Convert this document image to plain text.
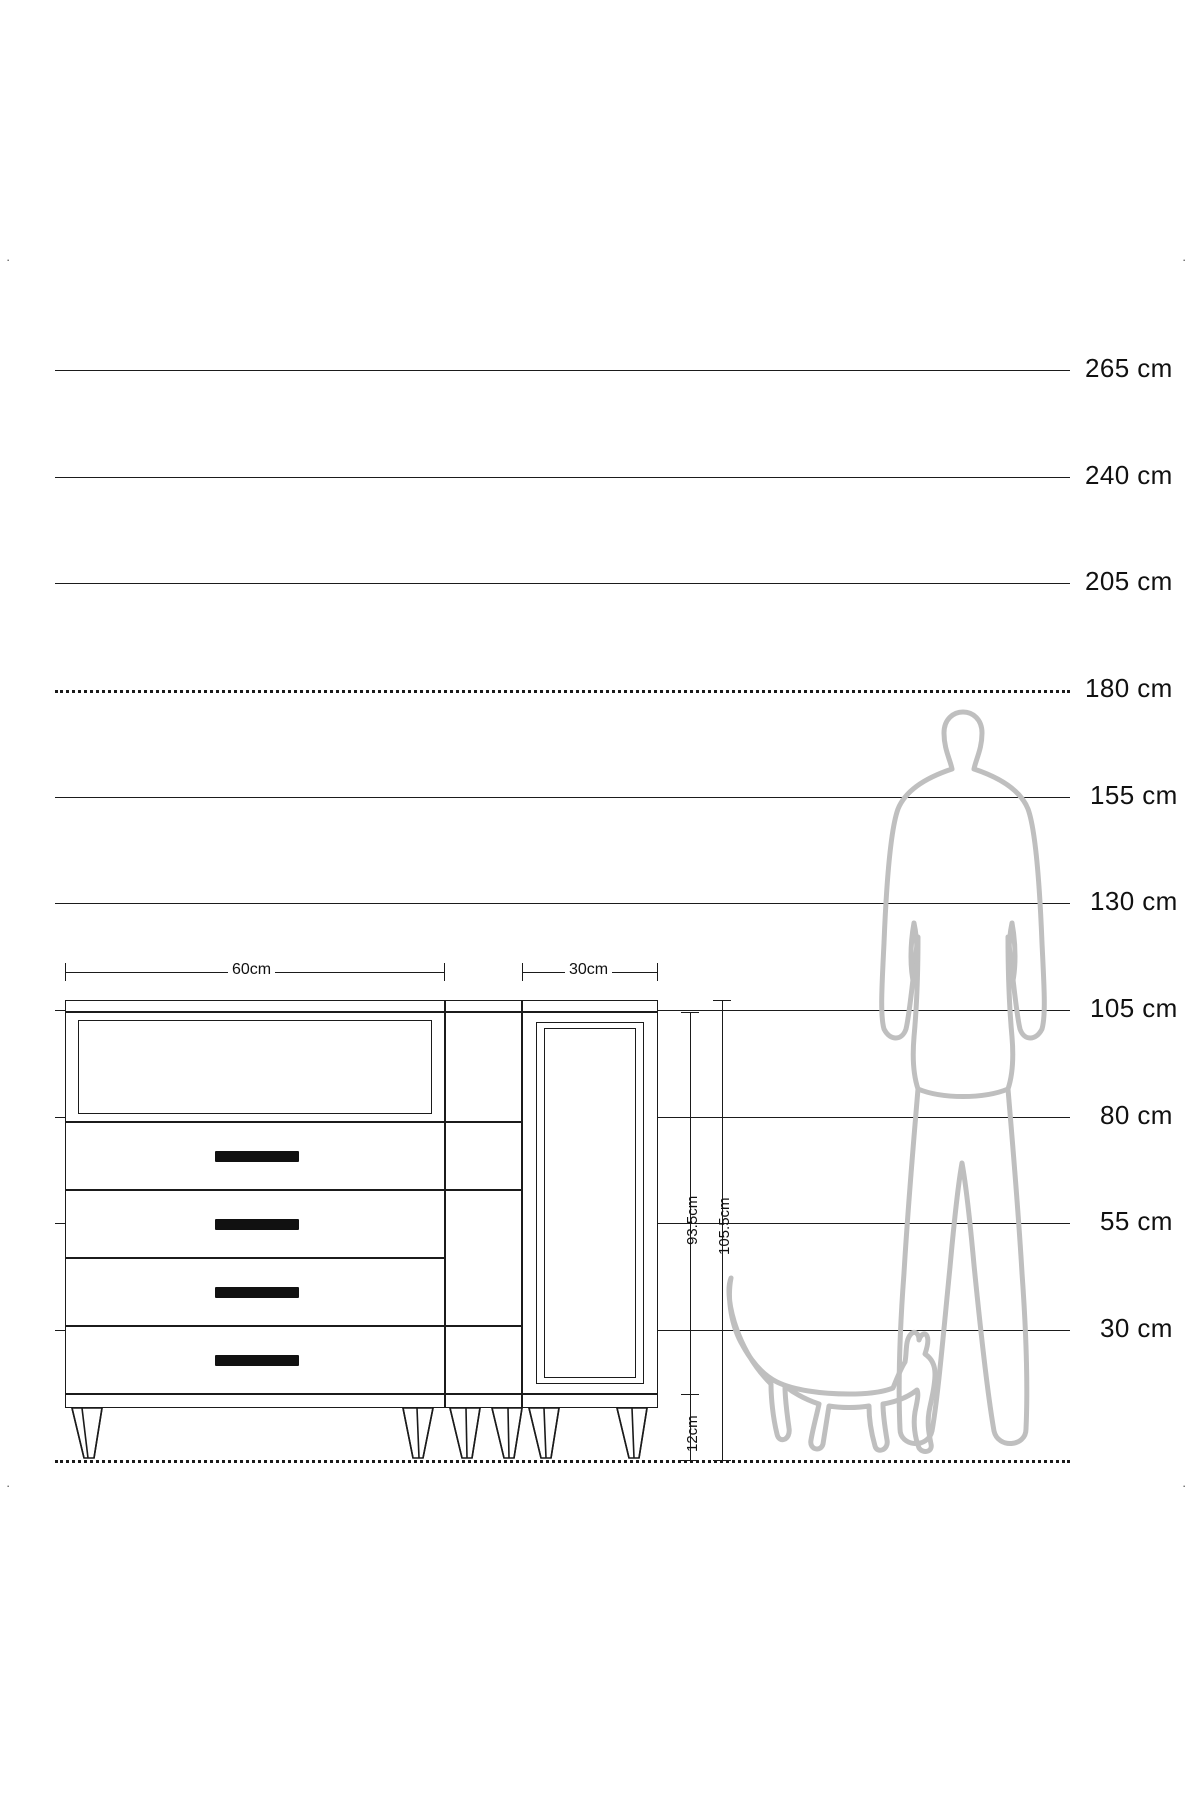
·	·
·	·
265 cm
240 cm
205 cm
180 cm
155 cm
130 cm
105 cm
80 cm
55 cm
30 cm
60cm	30cm
93.5cm 105.5cm
12cm
